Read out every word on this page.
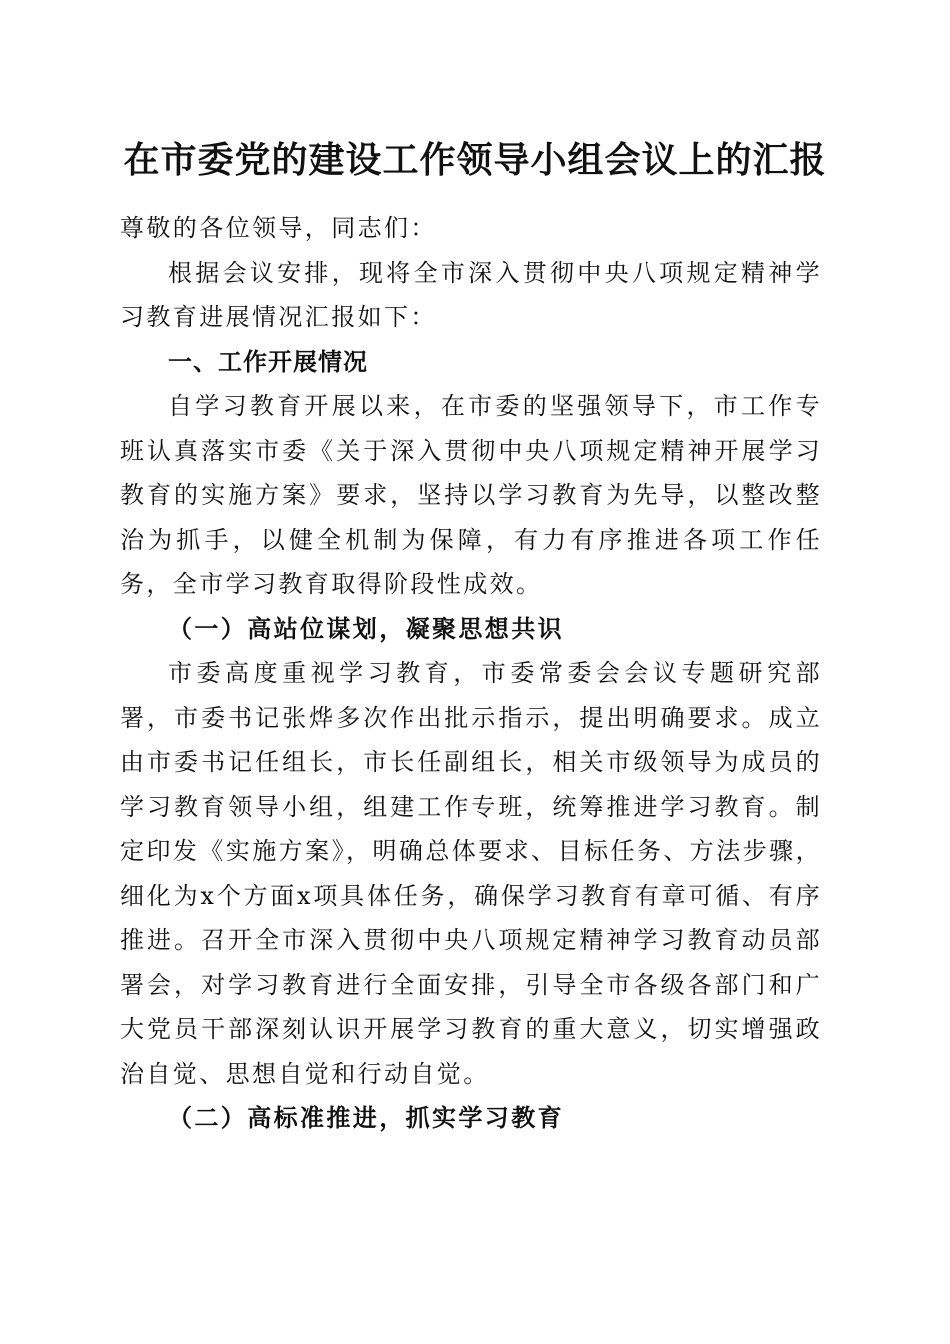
在市委党的建设工作领导小组会议上的汇报

尊敬的各位领导，同志们：

根据会议安排，现将全市深入贯彻中央八项规定精神学习教育进展情况汇报如下：

一、工作开展情况

自学习教育开展以来，在市委的坚强领导下，市工作专班认真落实市委《关于深入贯彻中央八项规定精神开展学习教育的实施方案》要求，坚持以学习教育为先导，以整改整治为抓手，以健全机制为保障，有力有序推进各项工作任务，全市学习教育取得阶段性成效。

（一）高站位谋划，凝聚思想共识

市委高度重视学习教育，市委常委会会议专题研究部署，市委书记张烨多次作出批示指示，提出明确要求。成立由市委书记任组长，市长任副组长，相关市级领导为成员的学习教育领导小组，组建工作专班，统筹推进学习教育。制定印发《实施方案》，明确总体要求、目标任务、方法步骤，细化为x个方面x项具体任务，确保学习教育有章可循、有序推进。召开全市深入贯彻中央八项规定精神学习教育动员部署会，对学习教育进行全面安排，引导全市各级各部门和广大党员干部深刻认识开展学习教育的重大意义，切实增强政治自觉、思想自觉和行动自觉。

（二）高标准推进，抓实学习教育
